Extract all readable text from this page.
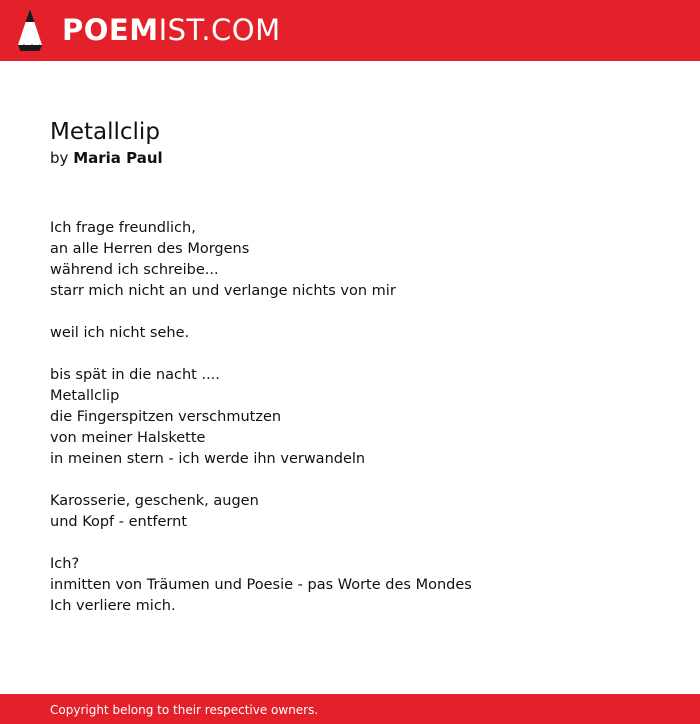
POEMIST.COM
Metallclip
by Maria Paul
Ich frage freundlich,
an alle Herren des Morgens
während ich schreibe...
starr mich nicht an und verlange nichts von mir
weil ich nicht sehe.
bis spät in die nacht ....
Metallclip
die Fingerspitzen verschmutzen
von meiner Halskette
in meinen stern - ich werde ihn verwandeln
Karosserie, geschenk, augen
und Kopf - entfernt
Ich?
inmitten von Träumen und Poesie - pas Worte des Mondes
Ich verliere mich.
Copyright belong to their respective owners.
